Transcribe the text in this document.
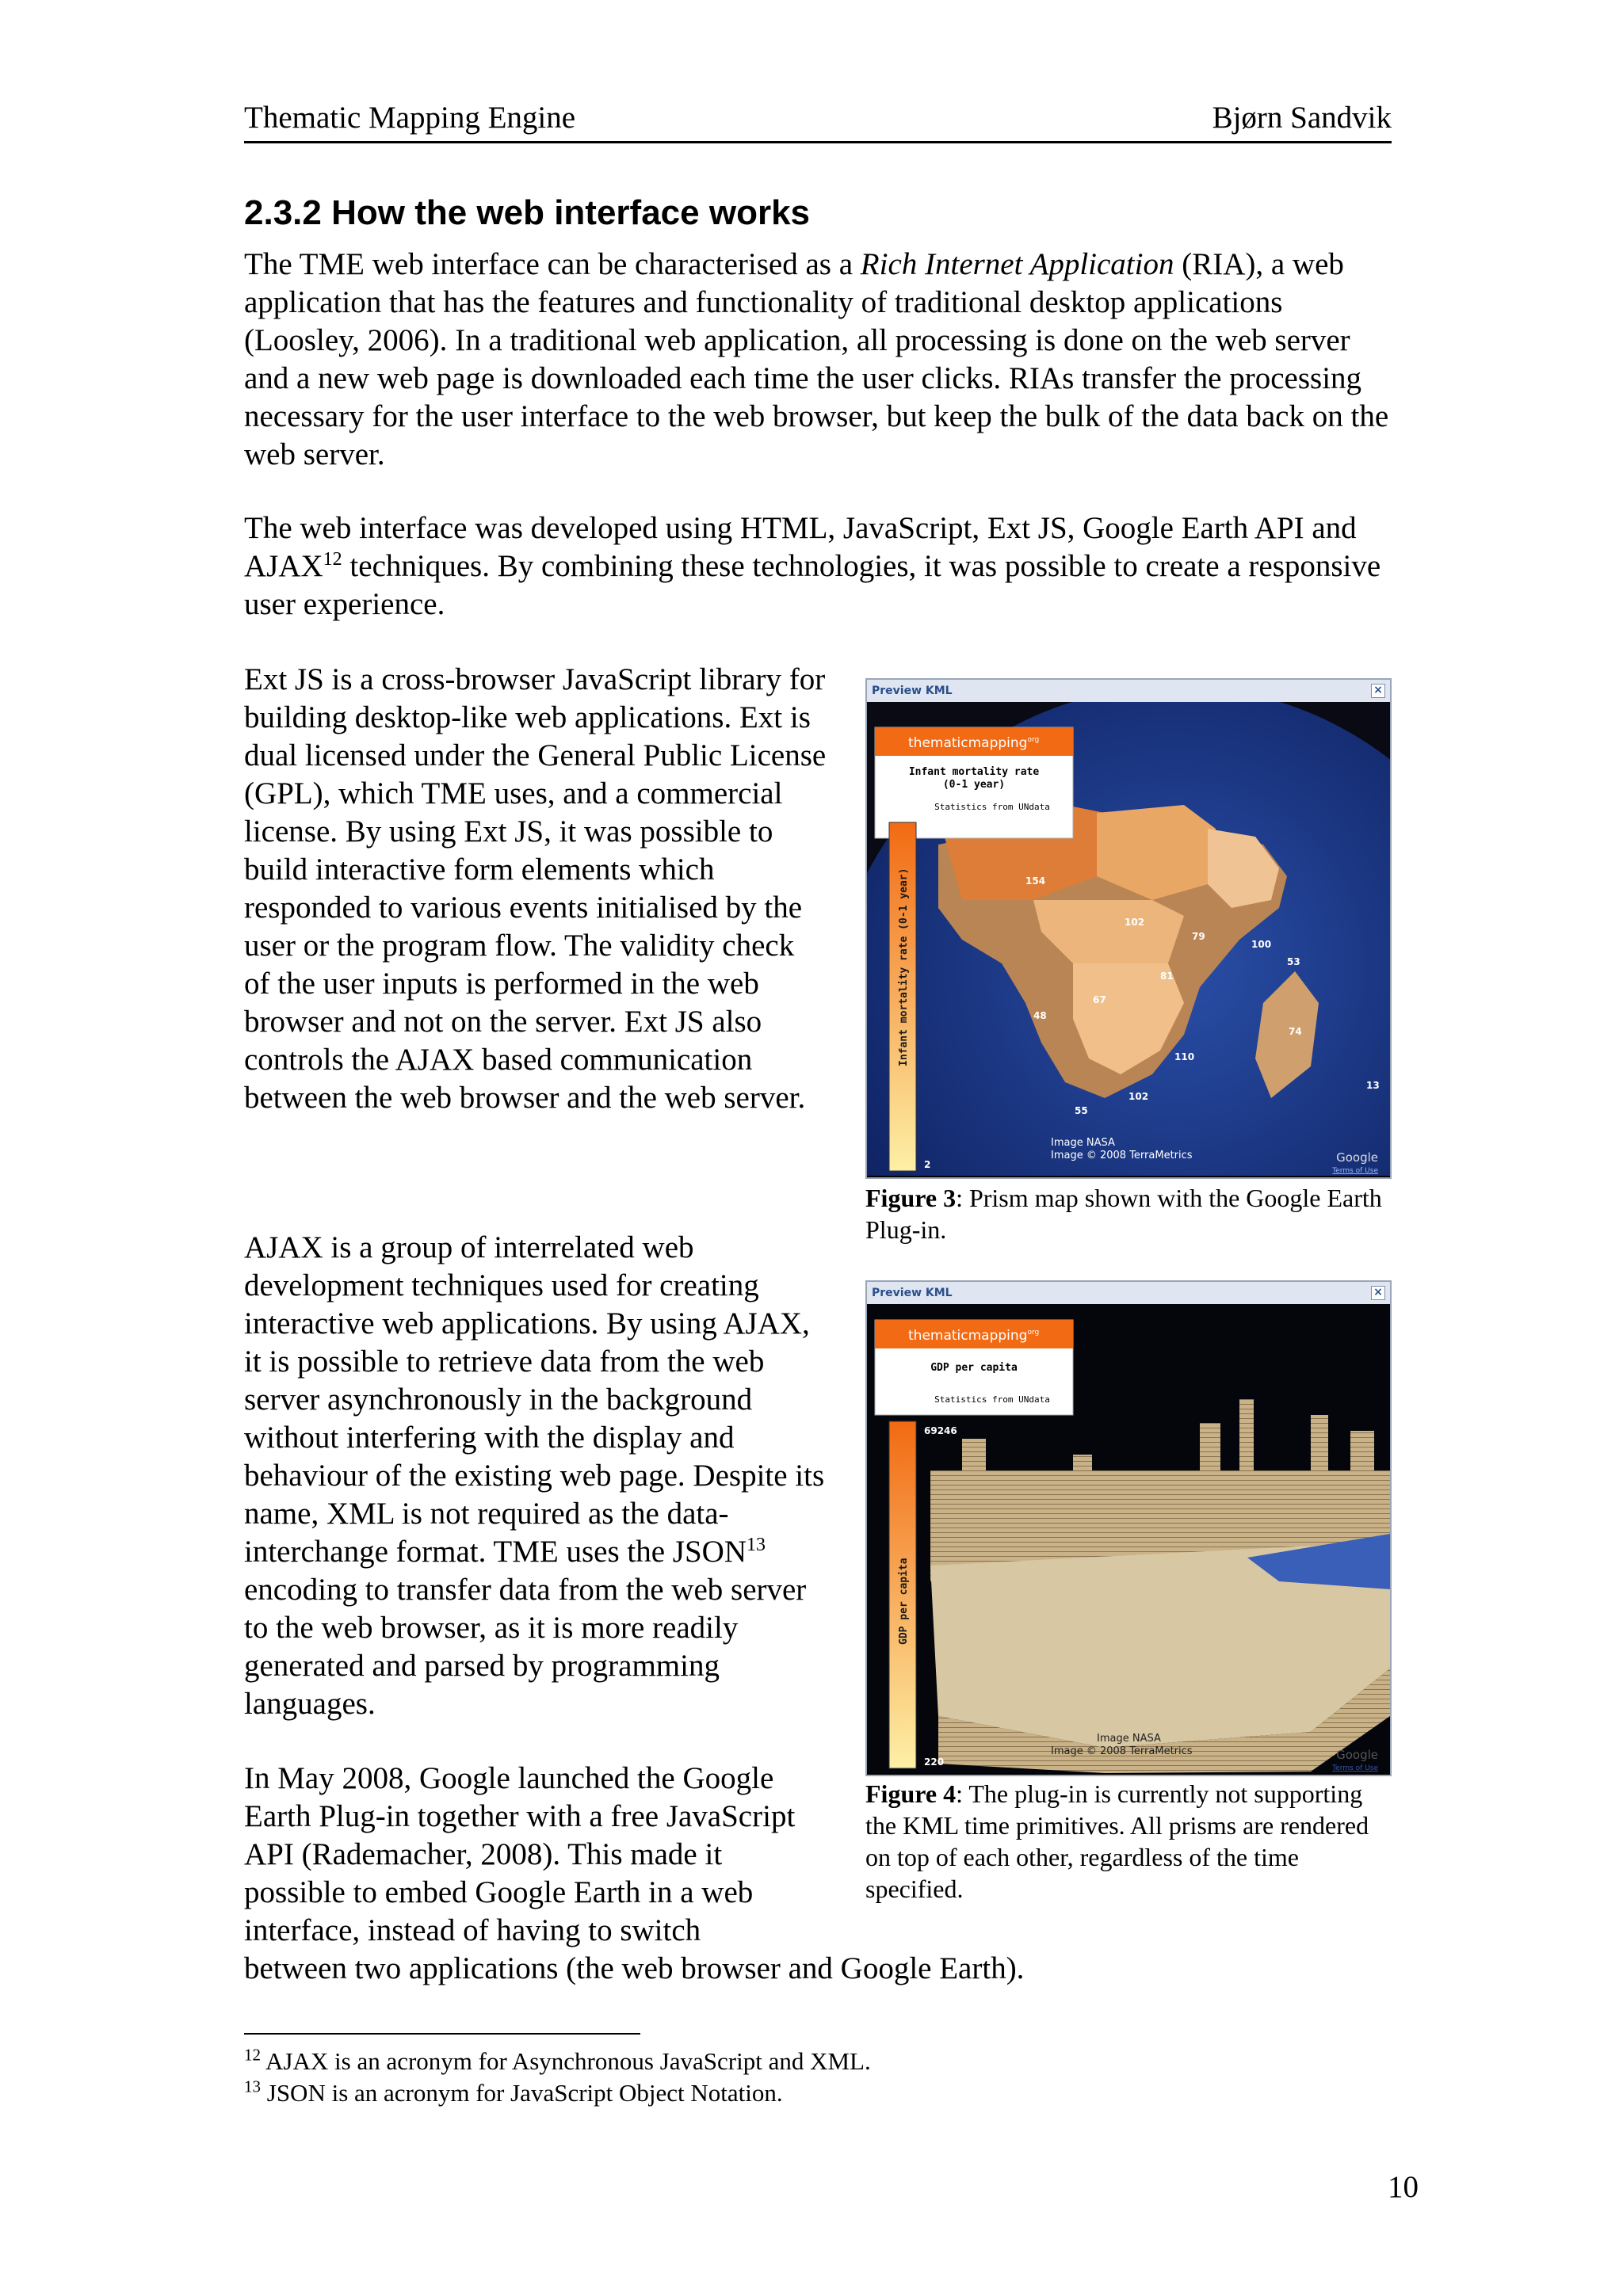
Thematic Mapping Engine	Bjørn Sandvik
2.3.2 How the web interface works

The TME web interface can be characterised as a Rich Internet Application (RIA), a web application that has the features and functionality of traditional desktop applications (Loosley, 2006). In a traditional web application, all processing is done on the web server and a new web page is downloaded each time the user clicks. RIAs transfer the processing necessary for the user interface to the web browser, but keep the bulk of the data back on the web server.

The web interface was developed using HTML, JavaScript, Ext JS, Google Earth API and AJAX$^{12}$ techniques. By combining these technologies, it was possible to create a responsive user experience.

Ext JS is a cross-browser JavaScript library for building desktop-like web applications. Ext is dual licensed under the General Public License (GPL), which TME uses, and a commercial license. By using Ext JS, it was possible to build interactive form elements which responded to various events initialised by the user or the program flow. The validity check of the user inputs is performed in the web browser and not on the server. Ext JS also controls the AJAX based communication between the web browser and the web server.

AJAX is a group of interrelated web development techniques used for creating interactive web applications. By using AJAX, it is possible to retrieve data from the web server asynchronously in the background without interfering with the display and behaviour of the existing web page. Despite its name, XML is not required as the data-interchange format. TME uses the JSON$^{13}$ encoding to transfer data from the web server to the web browser, as it is more readily generated and parsed by programming languages.

In May 2008, Google launched the Google Earth Plug-in together with a free JavaScript API (Rademacher, 2008). This made it possible to embed Google Earth in a web interface, instead of having to switch

between two applications (the web browser and Google Earth).

Preview KML	×
thematicmapping$^{org}$
Infant mortality rate
(0-1 year)
Statistics from UNdata
165
2
Infant mortality rate (0-1 year)	154
102
79
100
53
81
67
48
74
110
102
55
13
Image NASA
Image © 2008 TerraMetrics	Google
Terms of Use

Figure 3: Prism map shown with the Google Earth Plug-in.

Preview KML	×
thematicmapping$^{org}$
GDP per capita
Statistics from UNdata
69246
220
GDP per capita
Image NASA
Image © 2008 TerraMetrics	Google
Terms of Use

Figure 4: The plug-in is currently not supporting the KML time primitives. All prisms are rendered on top of each other, regardless of the time specified.

$^{12}$ AJAX is an acronym for Asynchronous JavaScript and XML.

$^{13}$ JSON is an acronym for JavaScript Object Notation.

10
